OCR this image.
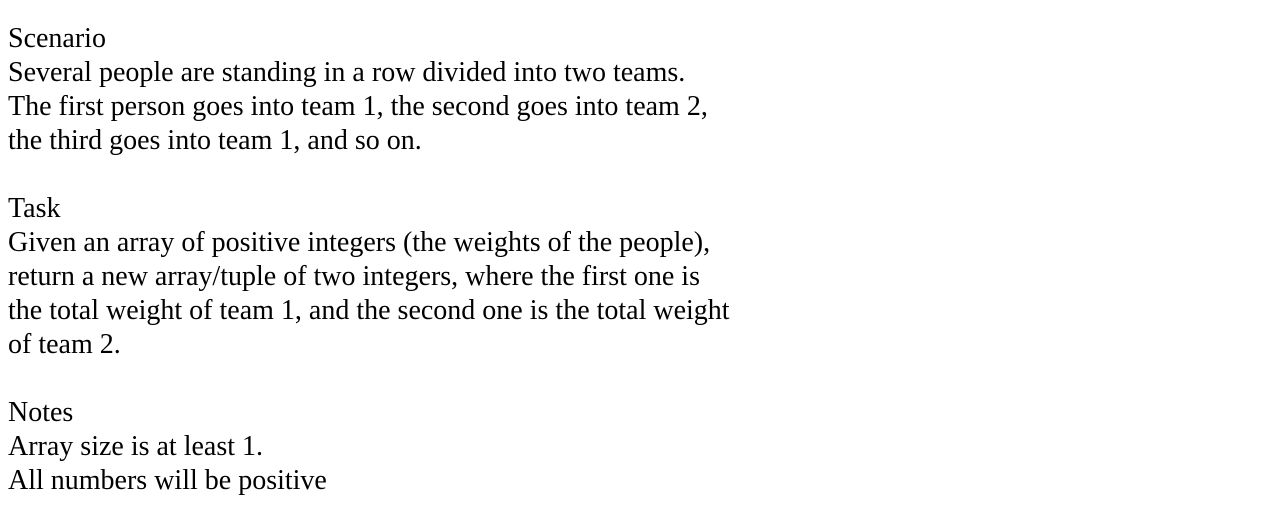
Scenario
Several people are standing in a row divided into two teams.
The first person goes into team 1, the second goes into team 2,
the third goes into team 1, and so on.
Task
Given an array of positive integers (the weights of the people),
return a new array/tuple of two integers, where the first one is
the total weight of team 1, and the second one is the total weight
of team 2.
Notes
Array size is at least 1.
All numbers will be positive
